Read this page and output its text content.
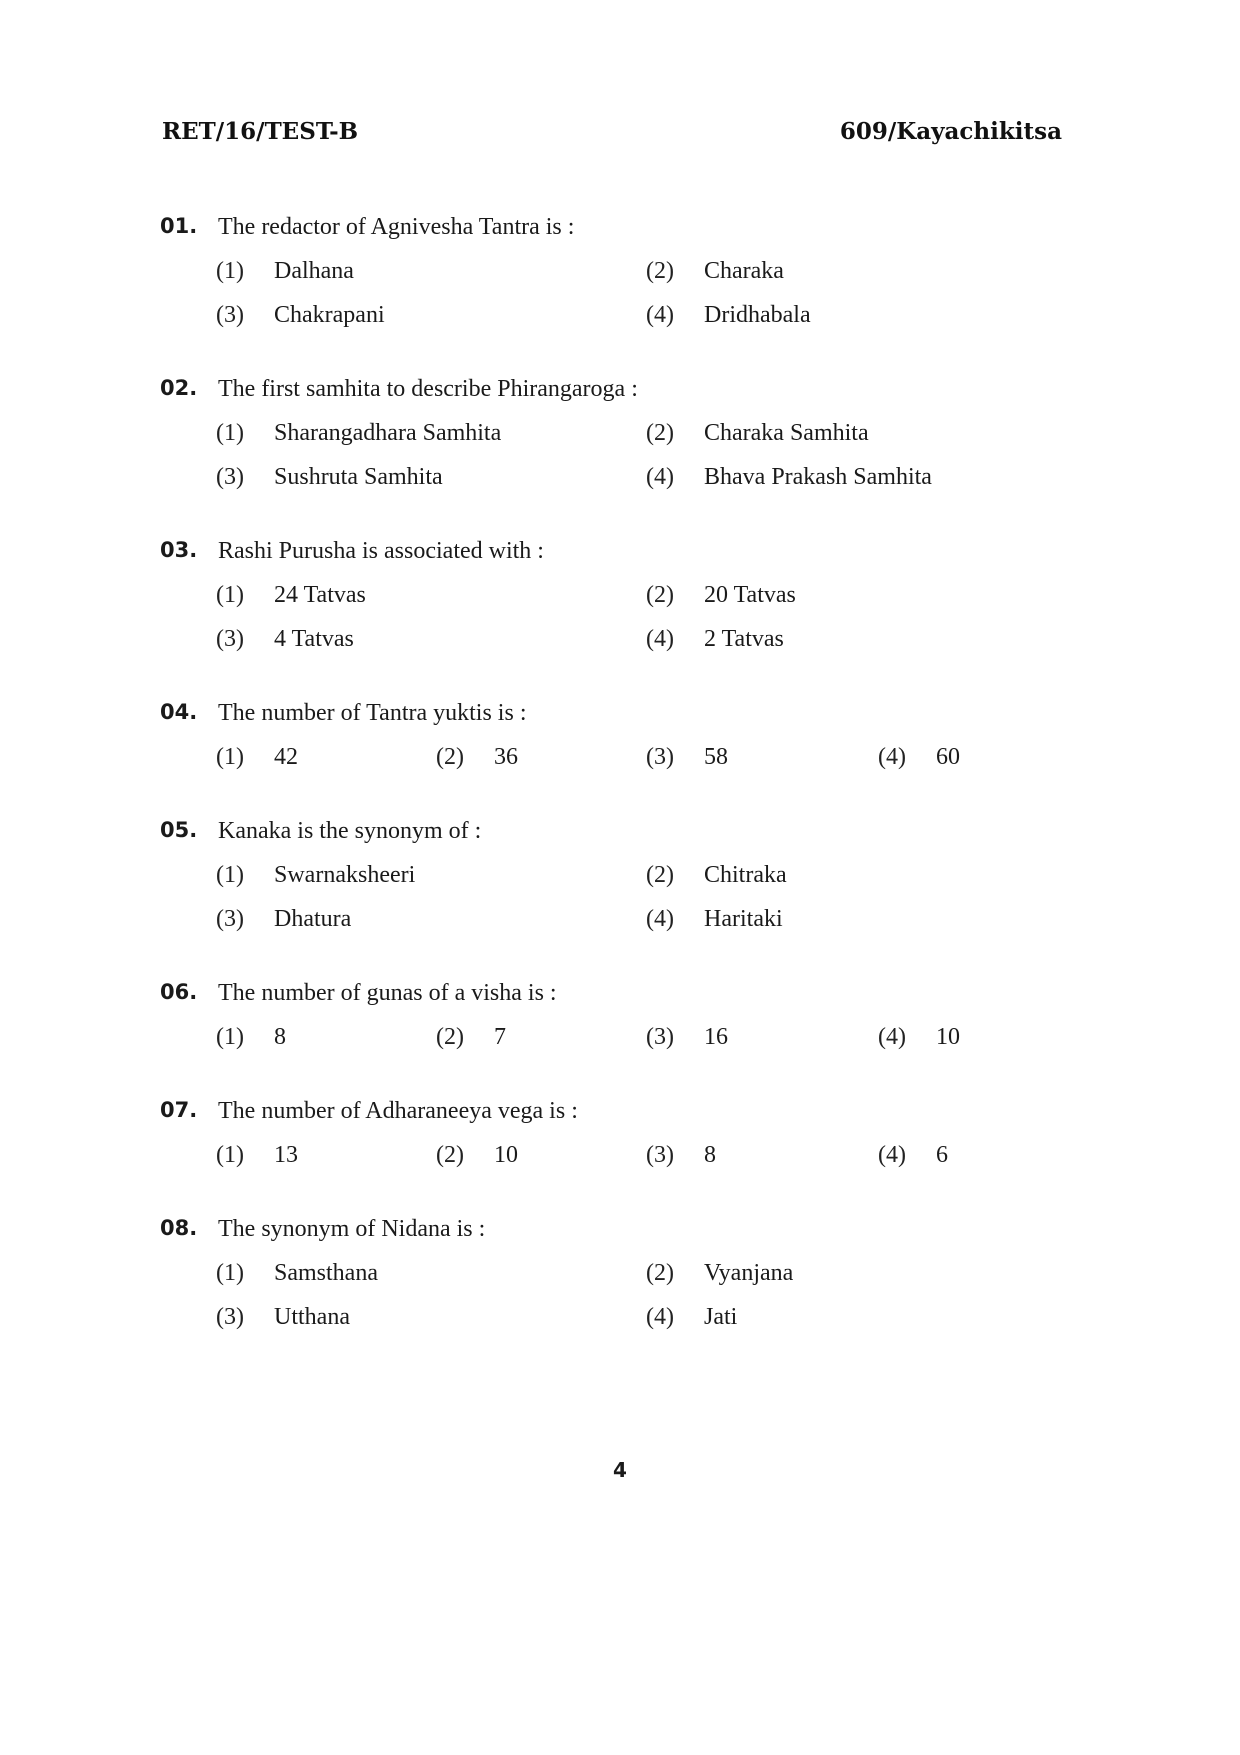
RET/16/TEST-B	609/Kayachikitsa
01. The redactor of Agnivesha Tantra is :
(1) Dalhana	(2) Charaka
(3) Chakrapani	(4) Dridhabala
02. The first samhita to describe Phirangaroga :
(1) Sharangadhara Samhita	(2) Charaka Samhita
(3) Sushruta Samhita	(4) Bhava Prakash Samhita
03. Rashi Purusha is associated with :
(1) 24 Tatvas	(2) 20 Tatvas
(3) 4 Tatvas	(4) 2 Tatvas
04. The number of Tantra yuktis is :
(1) 42	(2) 36	(3) 58	(4) 60
05. Kanaka is the synonym of :
(1) Swarnaksheeri	(2) Chitraka
(3) Dhatura	(4) Haritaki
06. The number of gunas of a visha is :
(1) 8	(2) 7	(3) 16	(4) 10
07. The number of Adharaneeya vega is :
(1) 13	(2) 10	(3) 8	(4) 6
08. The synonym of Nidana is :
(1) Samsthana	(2) Vyanjana
(3) Utthana	(4) Jati
4
